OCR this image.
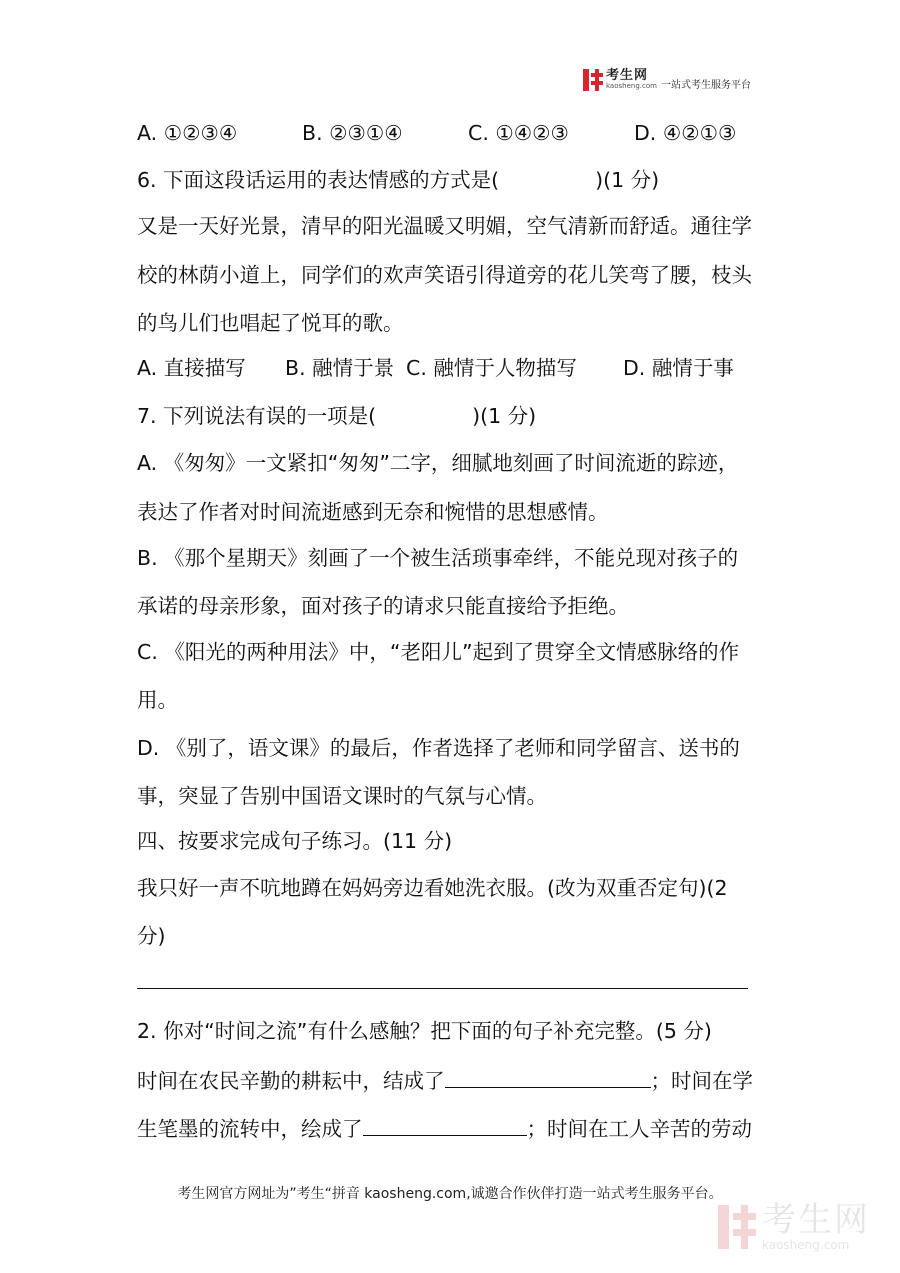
考生网
kaosheng.com 一站式考生服务平台
A. ①②③④	B. ②③①④	C. ①④②③	D. ④②①③
6. 下面这段话运用的表达情感的方式是(	)(1 分)
又是一天好光景，清早的阳光温暖又明媚，空气清新而舒适。通往学
校的林荫小道上，同学们的欢声笑语引得道旁的花儿笑弯了腰，枝头
的鸟儿们也唱起了悦耳的歌。
A. 直接描写 B. 融情于景 C. 融情于人物描写 D. 融情于事
7. 下列说法有误的一项是(	)(1 分)
A. 《匆匆》一文紧扣“匆匆”二字，细腻地刻画了时间流逝的踪迹，
表达了作者对时间流逝感到无奈和惋惜的思想感情。
B. 《那个星期天》刻画了一个被生活琐事牵绊，不能兑现对孩子的
承诺的母亲形象，面对孩子的请求只能直接给予拒绝。
C. 《阳光的两种用法》中，“老阳儿”起到了贯穿全文情感脉络的作
用。
D. 《别了，语文课》的最后，作者选择了老师和同学留言、送书的
事，突显了告别中国语文课时的气氛与心情。
四、按要求完成句子练习。(11 分)
我只好一声不吭地蹲在妈妈旁边看她洗衣服。(改为双重否定句)(2
分)
2. 你对“时间之流”有什么感触？把下面的句子补充完整。(5 分)
时间在农民辛勤的耕耘中，结成了	；时间在学
生笔墨的流转中，绘成了	；时间在工人辛苦的劳动
考生网官方网址为”考生“拼音 kaosheng.com,诚邀合作伙伴打造一站式考生服务平台。
考生网
kaosheng.com
